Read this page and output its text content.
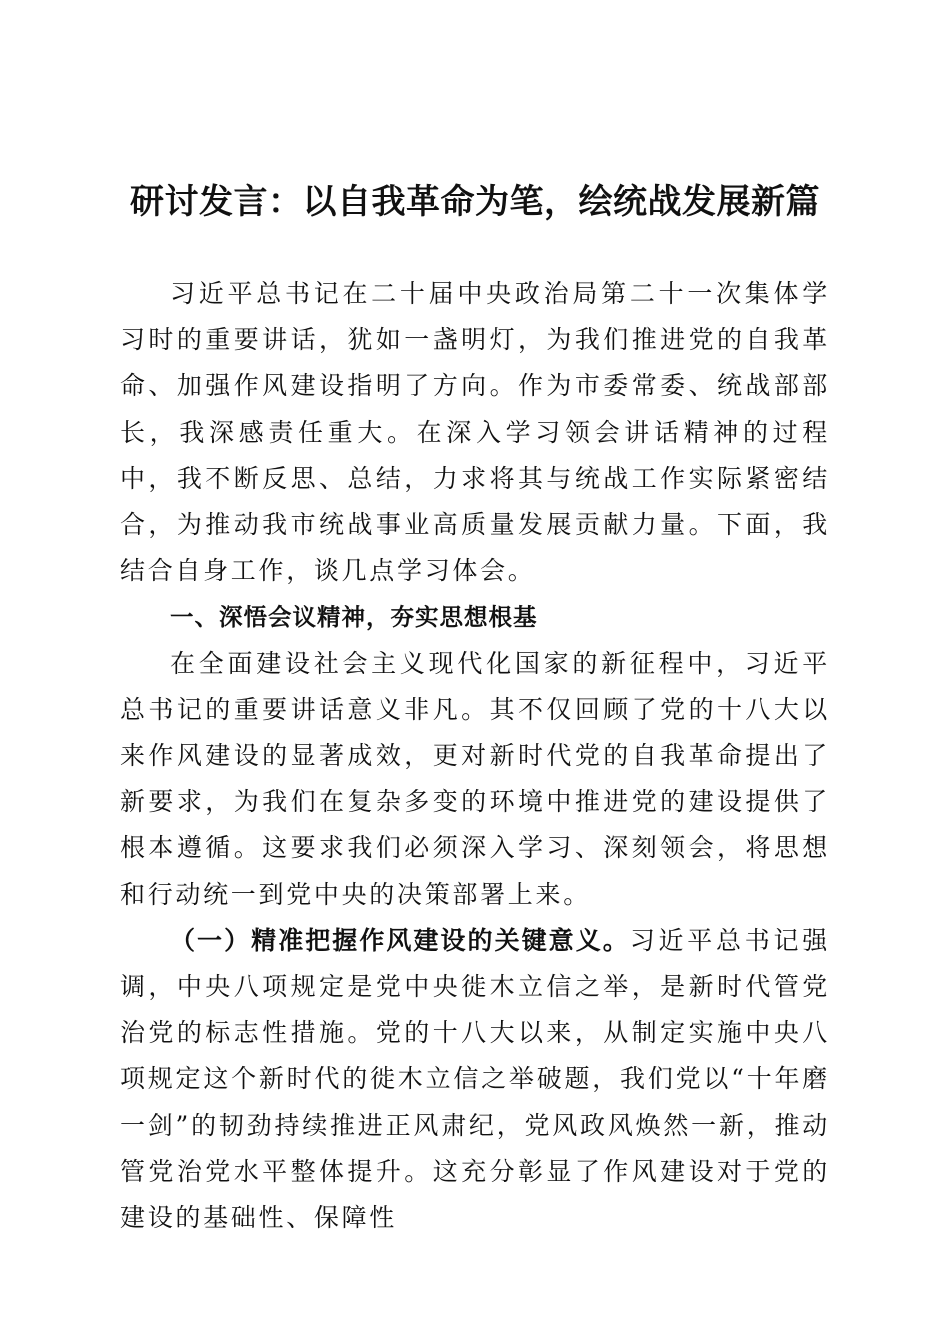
研讨发言：以自我革命为笔，绘统战发展新篇

习近平总书记在二十届中央政治局第二十一次集体学习时的重要讲话，犹如一盏明灯，为我们推进党的自我革命、加强作风建设指明了方向。作为市委常委、统战部部长，我深感责任重大。在深入学习领会讲话精神的过程中，我不断反思、总结，力求将其与统战工作实际紧密结合，为推动我市统战事业高质量发展贡献力量。下面，我结合自身工作，谈几点学习体会。

一、深悟会议精神，夯实思想根基

在全面建设社会主义现代化国家的新征程中，习近平总书记的重要讲话意义非凡。其不仅回顾了党的十八大以来作风建设的显著成效，更对新时代党的自我革命提出了新要求，为我们在复杂多变的环境中推进党的建设提供了根本遵循。这要求我们必须深入学习、深刻领会，将思想和行动统一到党中央的决策部署上来。

（一）精准把握作风建设的关键意义。习近平总书记强调，中央八项规定是党中央徙木立信之举，是新时代管党治党的标志性措施。党的十八大以来，从制定实施中央八项规定这个新时代的徙木立信之举破题，我们党以“十年磨一剑”的韧劲持续推进正风肃纪，党风政风焕然一新，推动管党治党水平整体提升。这充分彰显了作风建设对于党的建设的基础性、保障性
